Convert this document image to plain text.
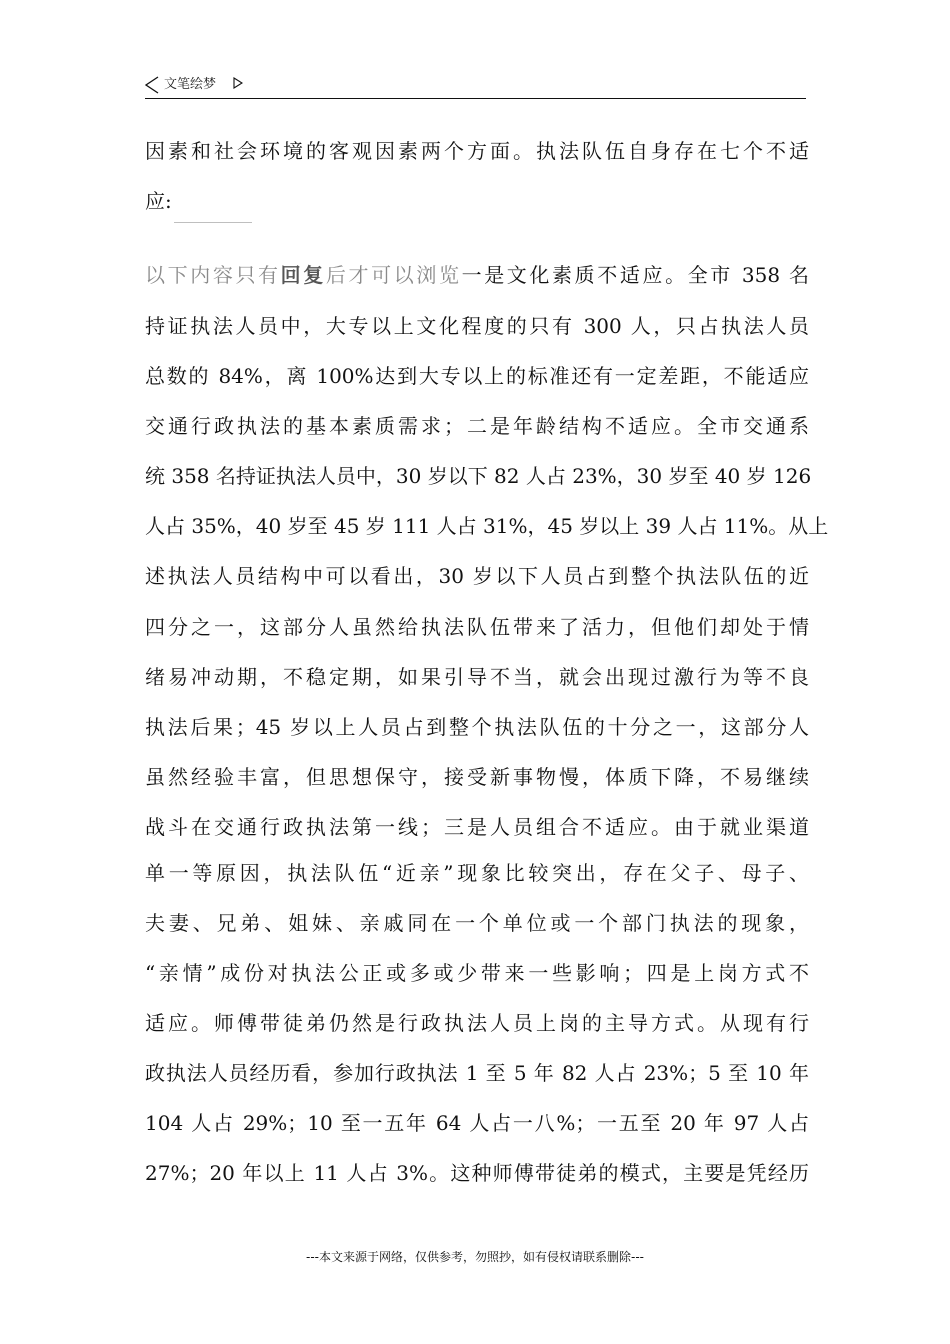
文笔绘梦
因素和社会环境的客观因素两个方面。执法队伍自身存在七个不适
应:
以下内容只有回复后才可以浏览一是文化素质不适应。全市 358 名
持证执法人员中，大专以上文化程度的只有 300 人，只占执法人员
总数的 84%，离 100%达到大专以上的标准还有一定差距，不能适应
交通行政执法的基本素质需求；二是年龄结构不适应。全市交通系
统 358 名持证执法人员中，30 岁以下 82 人占 23%，30 岁至 40 岁 126
人占 35%，40 岁至 45 岁 111 人占 31%，45 岁以上 39 人占 11%。从上
述执法人员结构中可以看出，30 岁以下人员占到整个执法队伍的近
四分之一，这部分人虽然给执法队伍带来了活力，但他们却处于情
绪易冲动期，不稳定期，如果引导不当，就会出现过激行为等不良
执法后果；45 岁以上人员占到整个执法队伍的十分之一，这部分人
虽然经验丰富，但思想保守，接受新事物慢，体质下降，不易继续
战斗在交通行政执法第一线；三是人员组合不适应。由于就业渠道
单一等原因，执法队伍“近亲”现象比较突出，存在父子、母子、
夫妻、兄弟、姐妹、亲戚同在一个单位或一个部门执法的现象，
“亲情”成份对执法公正或多或少带来一些影响；四是上岗方式不
适应。师傅带徒弟仍然是行政执法人员上岗的主导方式。从现有行
政执法人员经历看，参加行政执法 1 至 5 年 82 人占 23%；5 至 10 年
104 人占 29%；10 至一五年 64 人占一八%；一五至 20 年 97 人占
27%；20 年以上 11 人占 3%。这种师傅带徒弟的模式，主要是凭经历
---本文来源于网络，仅供参考，勿照抄，如有侵权请联系删除---
